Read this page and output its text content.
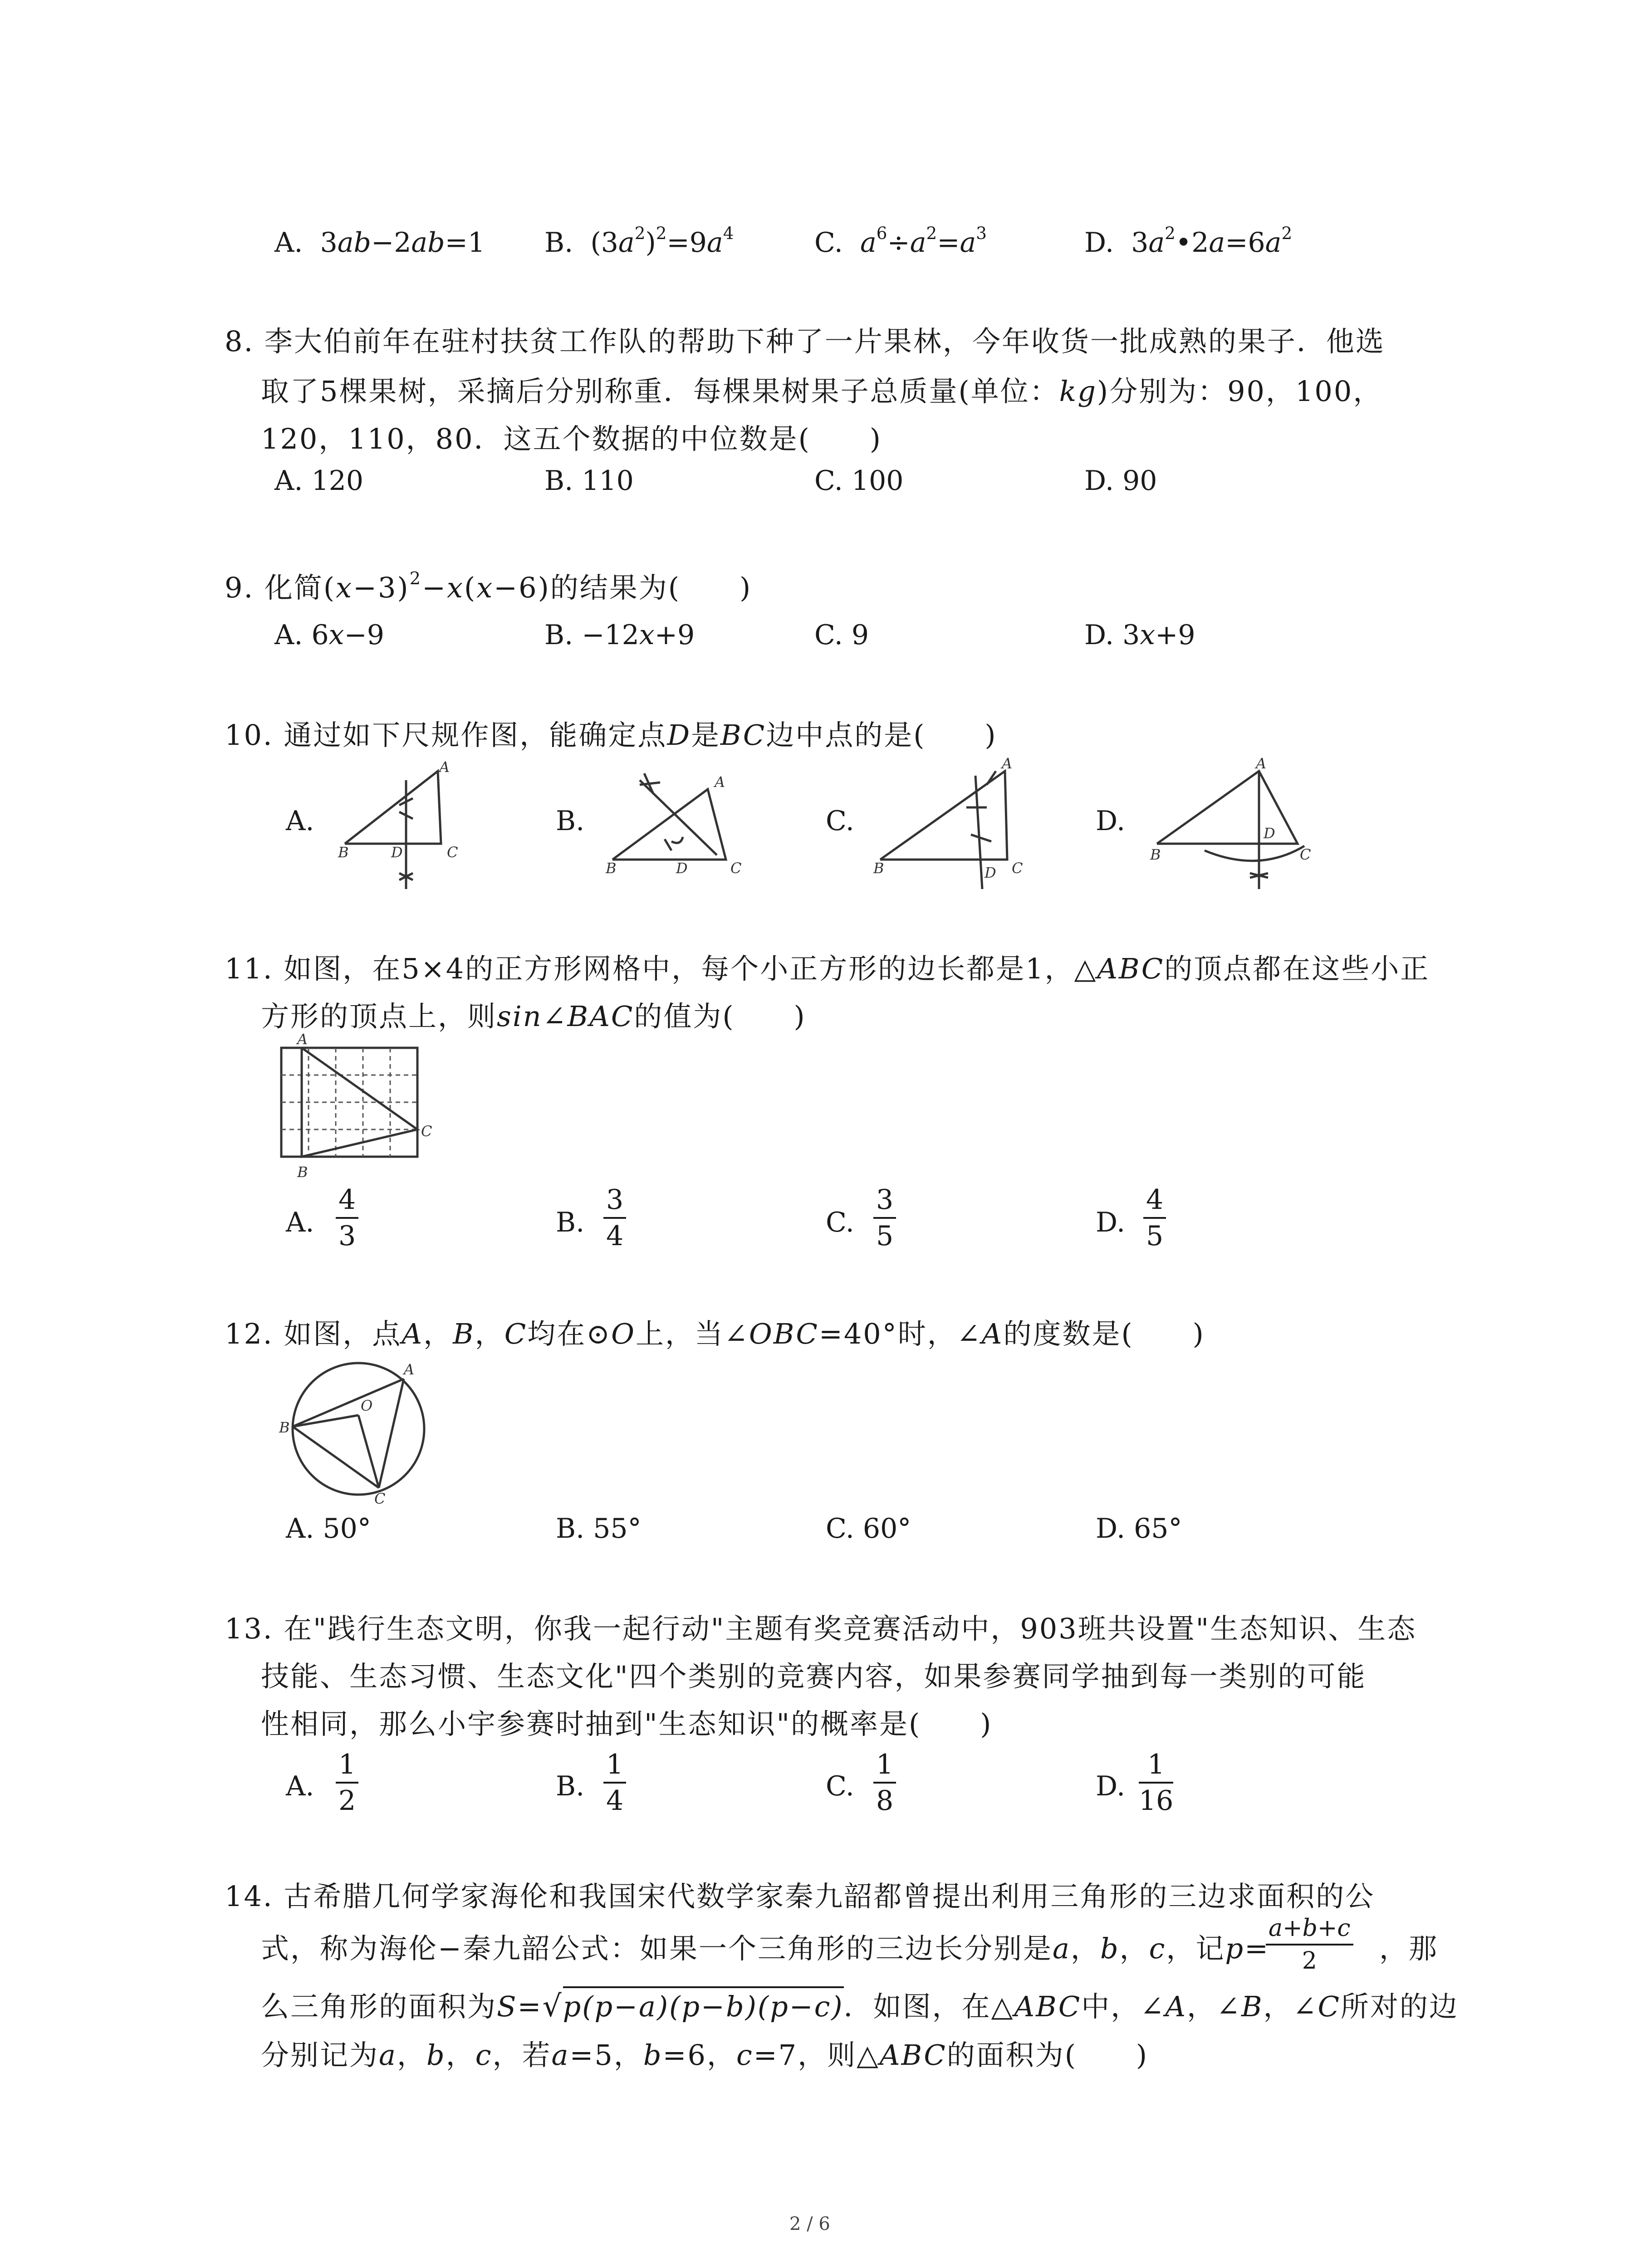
A. 3ab−2ab=1 B. $(3a^2)^2=9a^4$	C. $a^6\div a^2=a^3$	D. $3a^2•2a=6a^2$
8. 李大伯前年在驻村扶贫工作队的帮助下种了一片果林，今年收货一批成熟的果子．他选
取了5棵果树，采摘后分别称重．每棵果树果子总质量(单位：kg)分别为：90，100，
120，110，80．这五个数据的中位数是(　　)
A. 120	B. 110	C. 100	D. 90
9. 化简$(x-3)^2-x(x-6)$的结果为(　　)
A. 6x−9	B. −12x+9	C. 9	D. 3x+9
10. 通过如下尺规作图，能确定点D是BC边中点的是(　　)
A.	B.	C.	D.
B	D	C
A
B	D	C
A
B	D C
A
B
D
C
A
11. 如图，在5×4的正方形网格中，每个小正方形的边长都是1，△ABC的顶点都在这些小正
方形的顶点上，则sin∠BAC的值为(　　)
A
B
C
A.	B.	C.	D.
$\frac{4}{3}$	$\frac{3}{4}$	$\frac{3}{5}$	$\frac{4}{5}$
12. 如图，点A，B，C均在⊙O上，当∠OBC=40°时，∠A的度数是(　　)
A
B
C
O
A. 50°	B. 55°	C. 60°	D. 65°
13. 在"践行生态文明，你我一起行动"主题有奖竞赛活动中，903班共设置"生态知识、生态
技能、生态习惯、生态文化"四个类别的竞赛内容，如果参赛同学抽到每一类别的可能
性相同，那么小宇参赛时抽到"生态知识"的概率是(　　)
A.	B.	C.	D.
$\frac{1}{2}$	$\frac{1}{4}$	$\frac{1}{8}$	$\frac{1}{16}$
14. 古希腊几何学家海伦和我国宋代数学家秦九韶都曾提出利用三角形的三边求面积的公
式，称为海伦−秦九韶公式：如果一个三角形的三边长分别是a，b，c，记p=
$\frac{a+b+c}{2}$ ，那
么三角形的面积为S=√p(p−a)(p−b)(p−c)．如图，在△ABC中，∠A，∠B，∠C所对的边
分别记为a，b，c，若a=5，b=6，c=7，则△ABC的面积为(　　)
2 / 6
